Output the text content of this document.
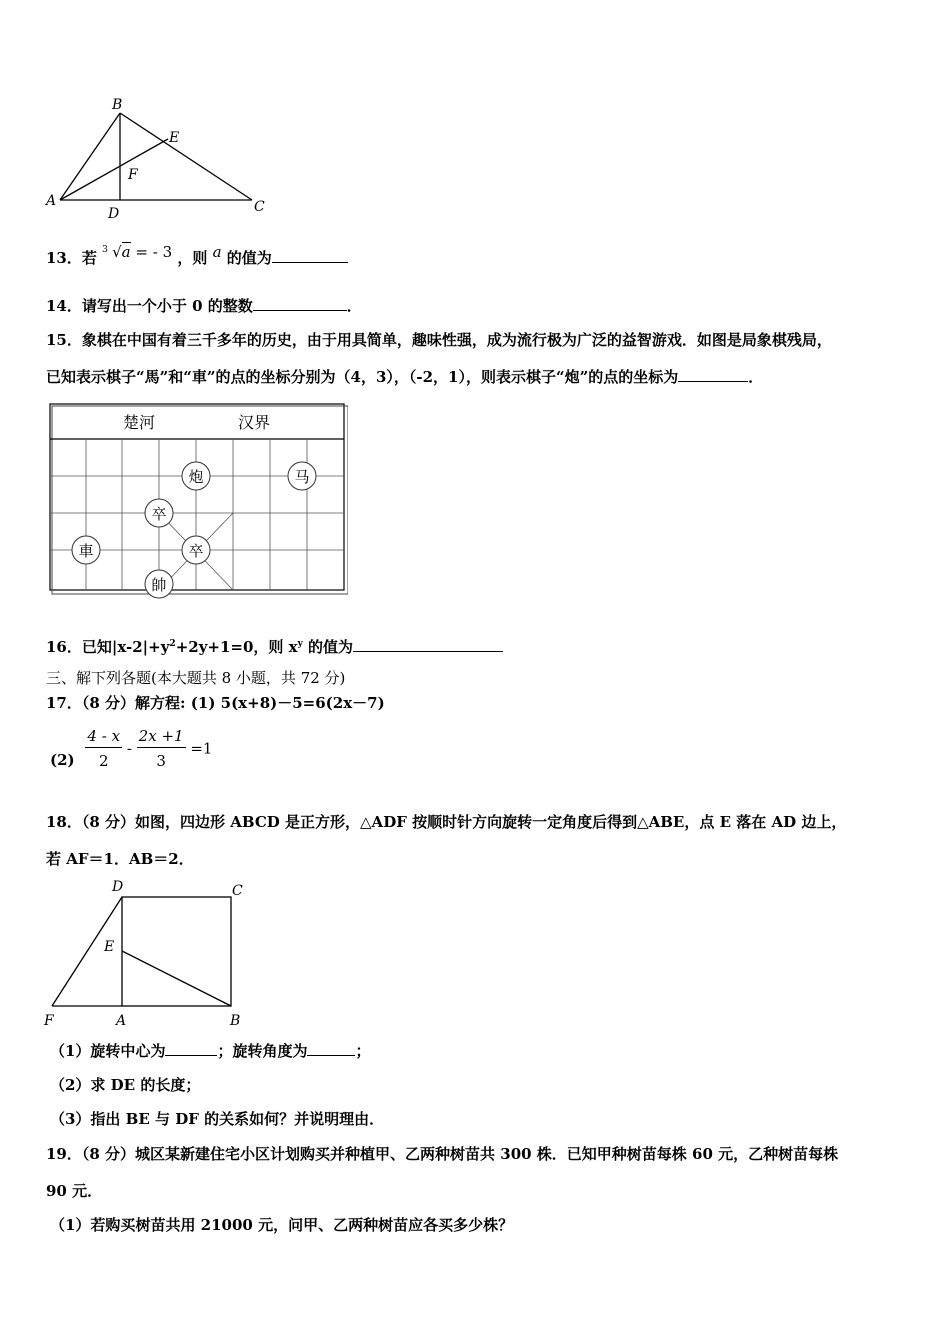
B
E
F
A
D	C
13．若 3 √a = - 3 ，则 a 的值为
14．请写出一个小于 0 的整数	．
15．象棋在中国有着三千多年的历史，由于用具简单，趣味性强，成为流行极为广泛的益智游戏．如图是局象棋残局，
已知表示棋子“馬”和“車”的点的坐标分别为（4，3），（-2，1），则表示棋子“炮”的点的坐标为	．
楚河	汉界
炮	马
卒
車	卒
帥
16．已知$|x-2|+y^2+2y+1=0$，则 $x^y$ 的值为
三、解下列各题(本大题共 8 小题，共 72 分)
17．（8 分）解方程: (1) 5(x+8)－5=6(2x－7)
$(2) \frac{4 - x}{2} - \frac{2x +1}{3} =1$
18．（8 分）如图，四边形 ABCD 是正方形，△ADF 按顺时针方向旋转一定角度后得到△ABE，点 E 落在 AD 边上，
若 AF＝1．AB＝2．
D	C
E
F	A	B
（1）旋转中心为	；旋转角度为	；
（2）求 DE 的长度；
（3）指出 BE 与 DF 的关系如何？并说明理由．
19．（8 分）城区某新建住宅小区计划购买并种植甲、乙两种树苗共 300 株．已知甲种树苗每株 60 元，乙种树苗每株
90 元．
（1）若购买树苗共用 21000 元，问甲、乙两种树苗应各买多少株？
